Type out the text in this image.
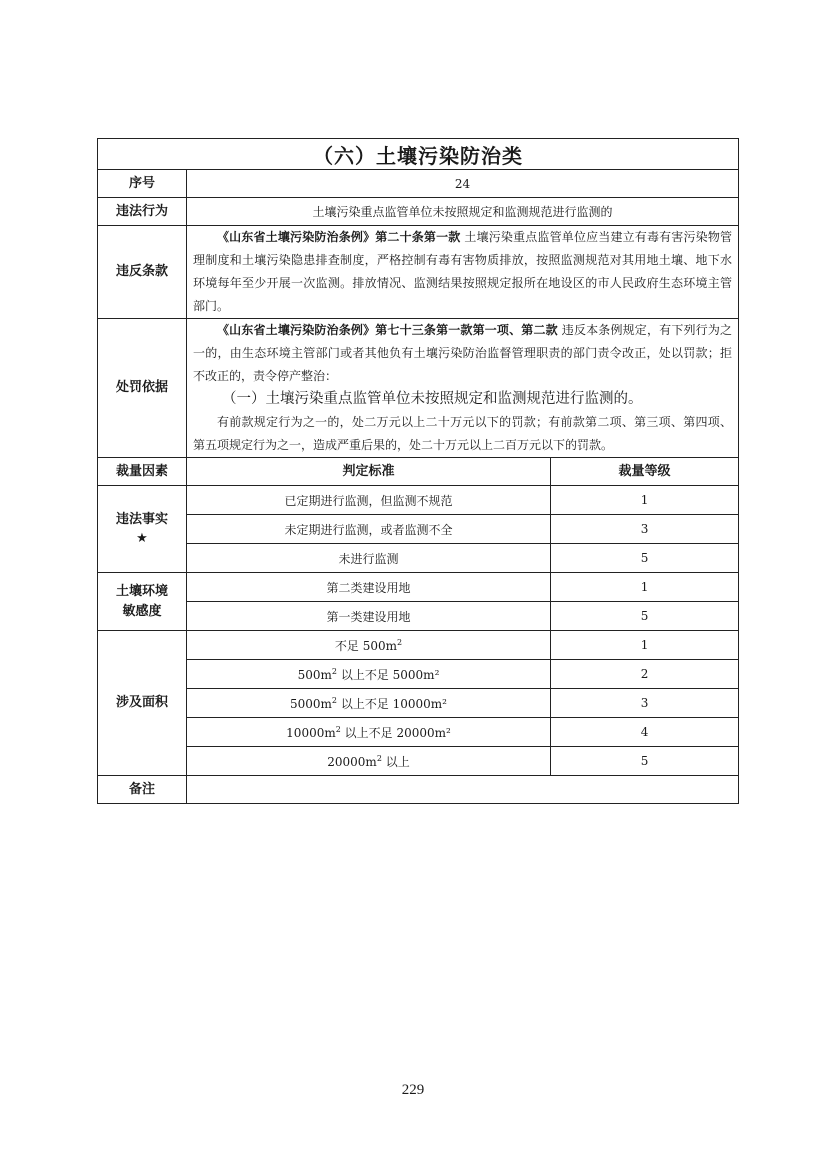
（六）土壤污染防治类		
序号	24	
违法行为	土壤污染重点监管单位未按照规定和监测规范进行监测的	
违反条款	《山东省土壤污染防治条例》第二十条第一款 土壤污染重点监管单位应当建立有毒有害污染物管理制度和土壤污染隐患排查制度，严格控制有毒有害物质排放，按照监测规范对其用地土壤、地下水环境每年至少开展一次监测。排放情况、监测结果按照规定报所在地设区的市人民政府生态环境主管部门。	

处罚依据	《山东省土壤污染防治条例》第七十三条第一款第一项、第二款 违反本条例规定，有下列行为之一的，由生态环境主管部门或者其他负有土壤污染防治监督管理职责的部门责令改正，处以罚款；拒不改正的，责令停产整治：

（一）土壤污染重点监管单位未按照规定和监测规范进行监测的。

有前款规定行为之一的，处二万元以上二十万元以下的罚款；有前款第二项、第三项、第四项、第五项规定行为之一，造成严重后果的，处二十万元以上二百万元以下的罚款。	

裁量因素	判定标准	裁量等级

违法事实
★	已定期进行监测，但监测不规范	1
	未定期进行监测，或者监测不全	3
	未进行监测	5

土壤环境
敏感度	第二类建设用地	1
	第一类建设用地	5
涉及面积	不足 $500m^2$	1
	$500m^2$ 以上不足 5000m²	2
	$5000m^2$ 以上不足 10000m²	3
	$10000m^2$ 以上不足 20000m²	4
	$20000m^2$ 以上	5
备注		
229
